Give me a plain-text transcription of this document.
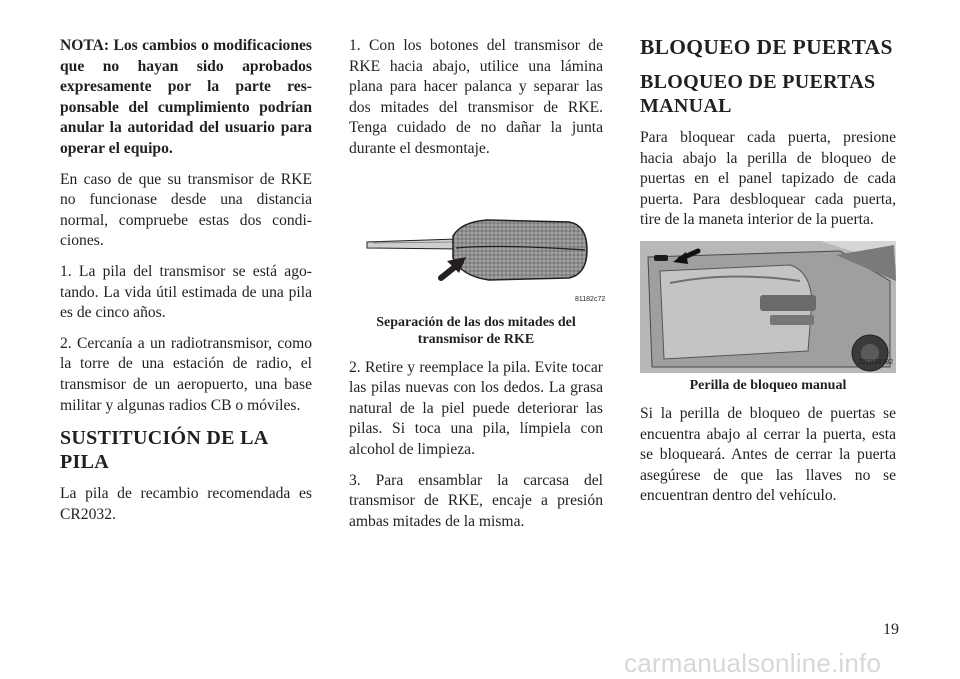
NOTA: Los cambios o modificaciones que no hayan sido aprobados expresamente por la parte responsable del cumplimiento podrían anular la autoridad del usuario para operar el equipo.

En caso de que su transmisor de RKE no funcionase desde una distancia normal, compruebe estas dos condiciones.

1. La pila del transmisor se está agotando. La vida útil estimada de una pila es de cinco años.

2. Cercanía a un radiotransmisor, como la torre de una estación de radio, el transmisor de un aeropuerto, una base militar y algunas radios CB o móviles.

SUSTITUCIÓN DE LA PILA

La pila de recambio recomendada es CR2032.

1. Con los botones del transmisor de RKE hacia abajo, utilice una lámina plana para hacer palanca y separar las dos mitades del transmisor de RKE. Tenga cuidado de no dañar la junta durante el desmontaje.

81182c72
Separación de las dos mitades del transmisor de RKE

2. Retire y reemplace la pila. Evite tocar las pilas nuevas con los dedos. La grasa natural de la piel puede deteriorar las pilas. Si toca una pila, límpiela con alcohol de limpieza.

3. Para ensamblar la carcasa del transmisor de RKE, encaje a presión ambas mitades de la misma.

BLOQUEO DE PUERTAS
BLOQUEO DE PUERTAS MANUAL

Para bloquear cada puerta, presione hacia abajo la perilla de bloqueo de puertas en el panel tapizado de cada puerta. Para desbloquear cada puerta, tire de la maneta interior de la puerta.

021838782
Perilla de bloqueo manual

Si la perilla de bloqueo de puertas se encuentra abajo al cerrar la puerta, esta se bloqueará. Antes de cerrar la puerta asegúrese de que las llaves no se encuentran dentro del vehículo.

19
carmanualsonline.info
